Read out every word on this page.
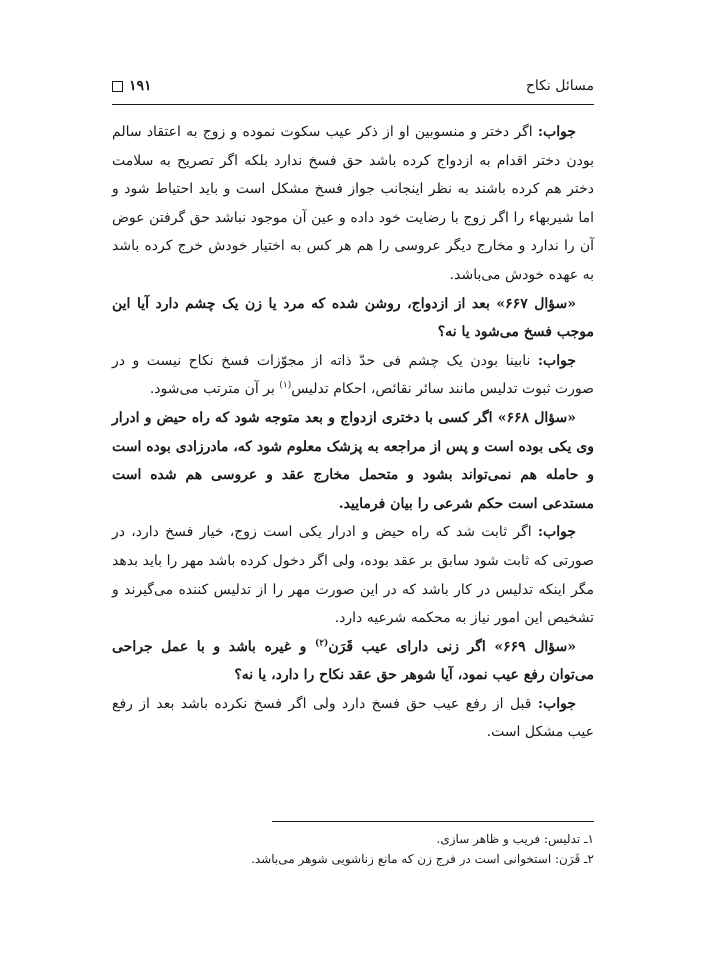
مسائل نکاح
۱۹۱

جواب: اگر دختر و منسوبین او از ذکر عیب سکوت نموده و زوج به اعتقاد سالم بودن دختر اقدام به ازدواج کرده باشد حق فسخ ندارد بلکه اگر تصریح به سلامت دختر هم کرده باشند به نظر اینجانب جواز فسخ مشکل است و باید احتیاط شود و اما شیربهاء را اگر زوج با رضایت خود داده و عین آن موجود نباشد حق گرفتن عوض آن را ندارد و مخارج دیگر عروسی را هم هر کس به اختیار خودش خرج کرده باشد به عهده خودش می‌باشد.

«سؤال ۶۶۷» بعد از ازدواج، روشن شده که مرد یا زن یک چشم دارد آیا این موجب فسخ می‌شود یا نه؟

جواب: نابینا بودن یک چشم فی حدّ ذاته از مجوّزات فسخ نکاح نیست و در صورت ثبوت تدلیس مانند سائر نقائص، احکام تدلیس$^{(۱)}$ بر آن مترتب می‌شود.

«سؤال ۶۶۸» اگر کسی با دختری ازدواج و بعد متوجه شود که راه حیض و ادرار وی یکی بوده است و پس از مراجعه به پزشک معلوم شود که، مادرزادی بوده است و حامله هم نمی‌تواند بشود و متحمل مخارج عقد و عروسی هم شده است مستدعی است حکم شرعی را بیان فرمایید.

جواب: اگر ثابت شد که راه حیض و ادرار یکی است زوج، خیار فسخ دارد، در صورتی که ثابت شود سابق بر عقد بوده، ولی اگر دخول کرده باشد مهر را باید بدهد مگر اینکه تدلیس در کار باشد که در این صورت مهر را از تدلیس کننده می‌گیرند و تشخیص این امور نیاز به محکمه شرعیه دارد.

«سؤال ۶۶۹» اگر زنی دارای عیب قَرَن$^{(۲)}$ و غیره باشد و با عمل جراحی می‌توان رفع عیب نمود، آیا شوهر حق عقد نکاح را دارد، یا نه؟

جواب: قبل از رفع عیب حق فسخ دارد ولی اگر فسخ نکرده باشد بعد از رفع عیب مشکل است.

۱ـ تدلیس: فریب و ظاهر سازی.

۲ـ قَرَن: استخوانی است در فرج زن که مانع زناشویی شوهر می‌باشد.
